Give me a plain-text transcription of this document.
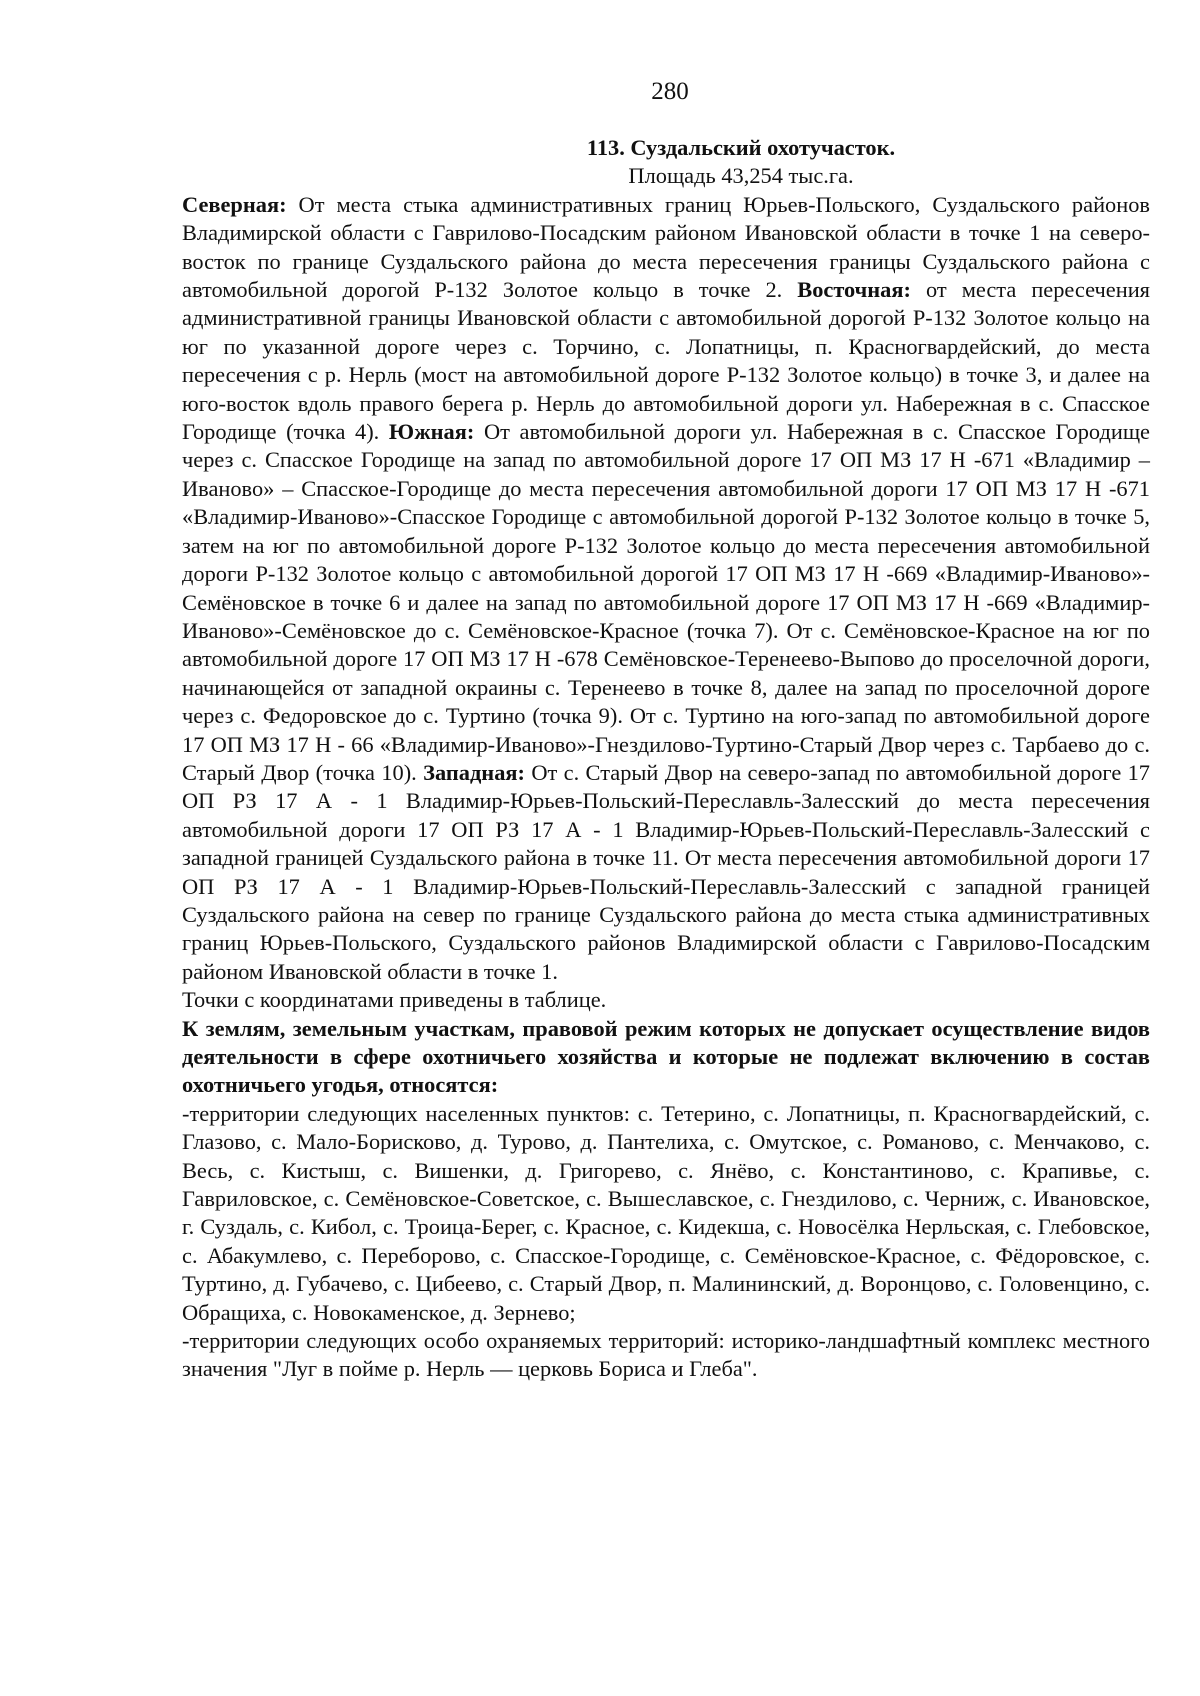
280

113. Суздальский охотучасток.

Площадь 43,254 тыс.га.

Северная: От места стыка административных границ Юрьев-Польского, Суздальского районов Владимирской области с Гаврилово-Посадским районом Ивановской области в точке 1 на северо-восток по границе Суздальского района до места пересечения границы Суздальского района с автомобильной дорогой Р-132 Золотое кольцо в точке 2. Восточная: от места пересечения административной границы Ивановской области с автомобильной дорогой Р-132 Золотое кольцо на юг по указанной дороге через с. Торчино, с. Лопатницы, п. Красногвардейский, до места пересечения с р. Нерль (мост на автомобильной дороге Р-132 Золотое кольцо) в точке 3, и далее на юго-восток вдоль правого берега р. Нерль до автомобильной дороги ул. Набережная в с. Спасское Городище (точка 4). Южная: От автомобильной дороги ул. Набережная в с. Спасское Городище через с. Спасское Городище на запад по автомобильной дороге 17 ОП МЗ 17 Н -671 «Владимир – Иваново» – Спасское-Городище до места пересечения автомобильной дороги 17 ОП МЗ 17 Н -671 «Владимир-Иваново»-Спасское Городище с автомобильной дорогой Р-132 Золотое кольцо в точке 5, затем на юг по автомобильной дороге Р-132 Золотое кольцо до места пересечения автомобильной дороги Р-132 Золотое кольцо с автомобильной дорогой 17 ОП МЗ 17 Н -669 «Владимир-Иваново»-Семёновское в точке 6 и далее на запад по автомобильной дороге 17 ОП МЗ 17 Н -669 «Владимир-Иваново»-Семёновское до с. Семёновское-Красное (точка 7). От с. Семёновское-Красное на юг по автомобильной дороге 17 ОП МЗ 17 Н -678 Семёновское-Теренеево-Выпово до проселочной дороги, начинающейся от западной окраины с. Теренеево в точке 8, далее на запад по проселочной дороге через с. Федоровское до с. Туртино (точка 9). От с. Туртино на юго-запад по автомобильной дороге 17 ОП МЗ 17 Н - 66 «Владимир-Иваново»-Гнездилово-Туртино-Старый Двор через с. Тарбаево до с. Старый Двор (точка 10). Западная: От с. Старый Двор на северо-запад по автомобильной дороге 17 ОП РЗ 17 А - 1 Владимир-Юрьев-Польский-Переславль-Залесский до места пересечения автомобильной дороги 17 ОП РЗ 17 А - 1 Владимир-Юрьев-Польский-Переславль-Залесский с западной границей Суздальского района в точке 11. От места пересечения автомобильной дороги 17 ОП РЗ 17 А - 1 Владимир-Юрьев-Польский-Переславль-Залесский с западной границей Суздальского района на север по границе Суздальского района до места стыка административных границ Юрьев-Польского, Суздальского районов Владимирской области с Гаврилово-Посадским районом Ивановской области в точке 1.

Точки с координатами приведены в таблице.

К землям, земельным участкам, правовой режим которых не допускает осуществление видов деятельности в сфере охотничьего хозяйства и которые не подлежат включению в состав охотничьего угодья, относятся:

-территории следующих населенных пунктов: с. Тетерино, с. Лопатницы, п. Красногвардейский, с. Глазово, с. Мало-Борисково, д. Турово, д. Пантелиха, с. Омутское, с. Романово, с. Менчаково, с. Весь, с. Кистыш, с. Вишенки, д. Григорево, с. Янёво, с. Константиново, с. Крапивье, с. Гавриловское, с. Семёновское-Советское, с. Вышеславское, с. Гнездилово, с. Черниж, с. Ивановское, г. Суздаль, с. Кибол, с. Троица-Берег, с. Красное, с. Кидекша, с. Новосёлка Нерльская, с. Глебовское, с. Абакумлево, с. Переборово, с. Спасское-Городище, с. Семёновское-Красное, с. Фёдоровское, с. Туртино, д. Губачево, с. Цибеево, с. Старый Двор, п. Малининский, д. Воронцово, с. Головенцино, с. Обращиха, с. Новокаменское, д. Зернево;

-территории следующих особо охраняемых территорий: историко-ландшафтный комплекс местного значения "Луг в пойме р. Нерль — церковь Бориса и Глеба".
